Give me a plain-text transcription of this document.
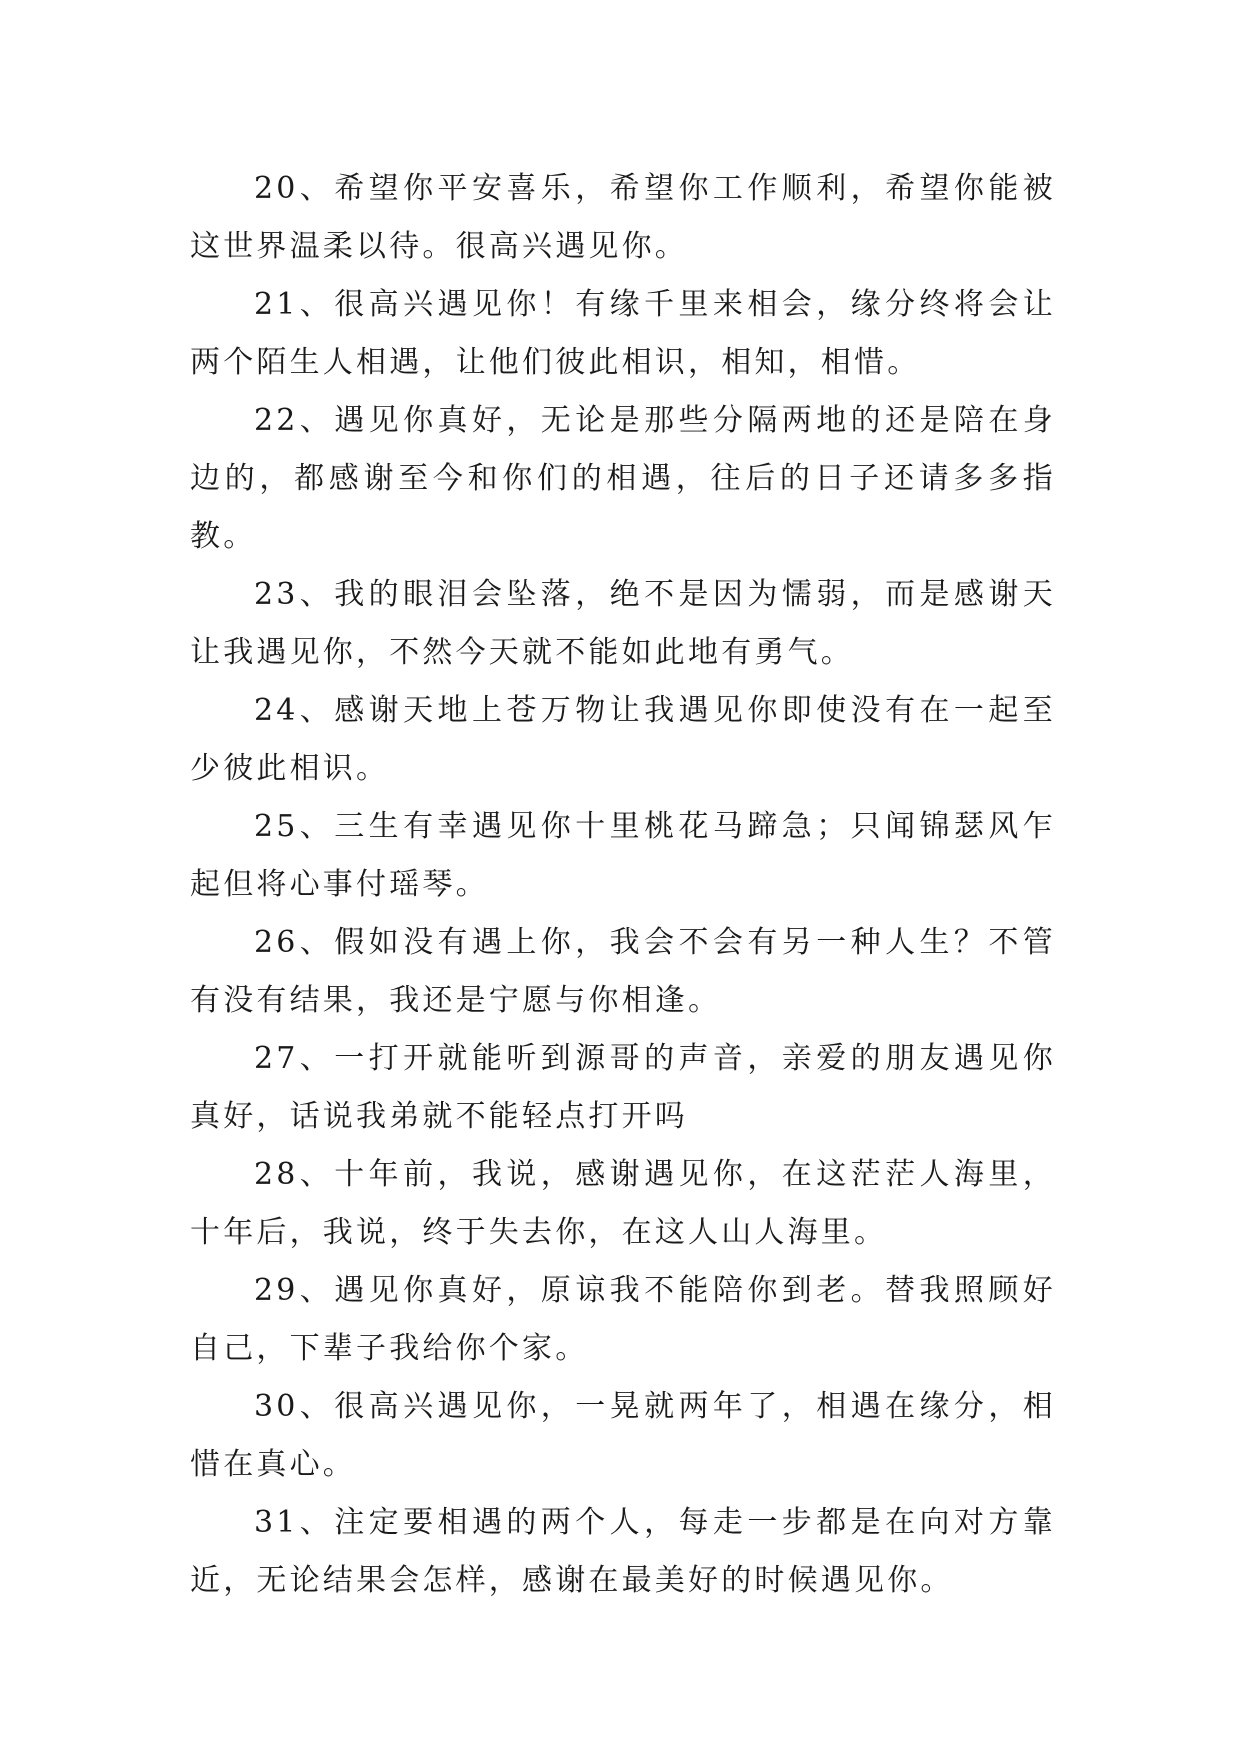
20、希望你平安喜乐，希望你工作顺利，希望你能被这世界温柔以待。很高兴遇见你。

21、很高兴遇见你！有缘千里来相会，缘分终将会让两个陌生人相遇，让他们彼此相识，相知，相惜。

22、遇见你真好，无论是那些分隔两地的还是陪在身边的，都感谢至今和你们的相遇，往后的日子还请多多指教。

23、我的眼泪会坠落，绝不是因为懦弱，而是感谢天让我遇见你，不然今天就不能如此地有勇气。

24、感谢天地上苍万物让我遇见你即使没有在一起至少彼此相识。

25、三生有幸遇见你十里桃花马蹄急；只闻锦瑟风乍起但将心事付瑶琴。

26、假如没有遇上你，我会不会有另一种人生？不管有没有结果，我还是宁愿与你相逢。

27、一打开就能听到源哥的声音，亲爱的朋友遇见你真好，话说我弟就不能轻点打开吗

28、十年前，我说，感谢遇见你，在这茫茫人海里，十年后，我说，终于失去你，在这人山人海里。

29、遇见你真好，原谅我不能陪你到老。替我照顾好自己，下辈子我给你个家。

30、很高兴遇见你，一晃就两年了，相遇在缘分，相惜在真心。

31、注定要相遇的两个人，每走一步都是在向对方靠近，无论结果会怎样，感谢在最美好的时候遇见你。
